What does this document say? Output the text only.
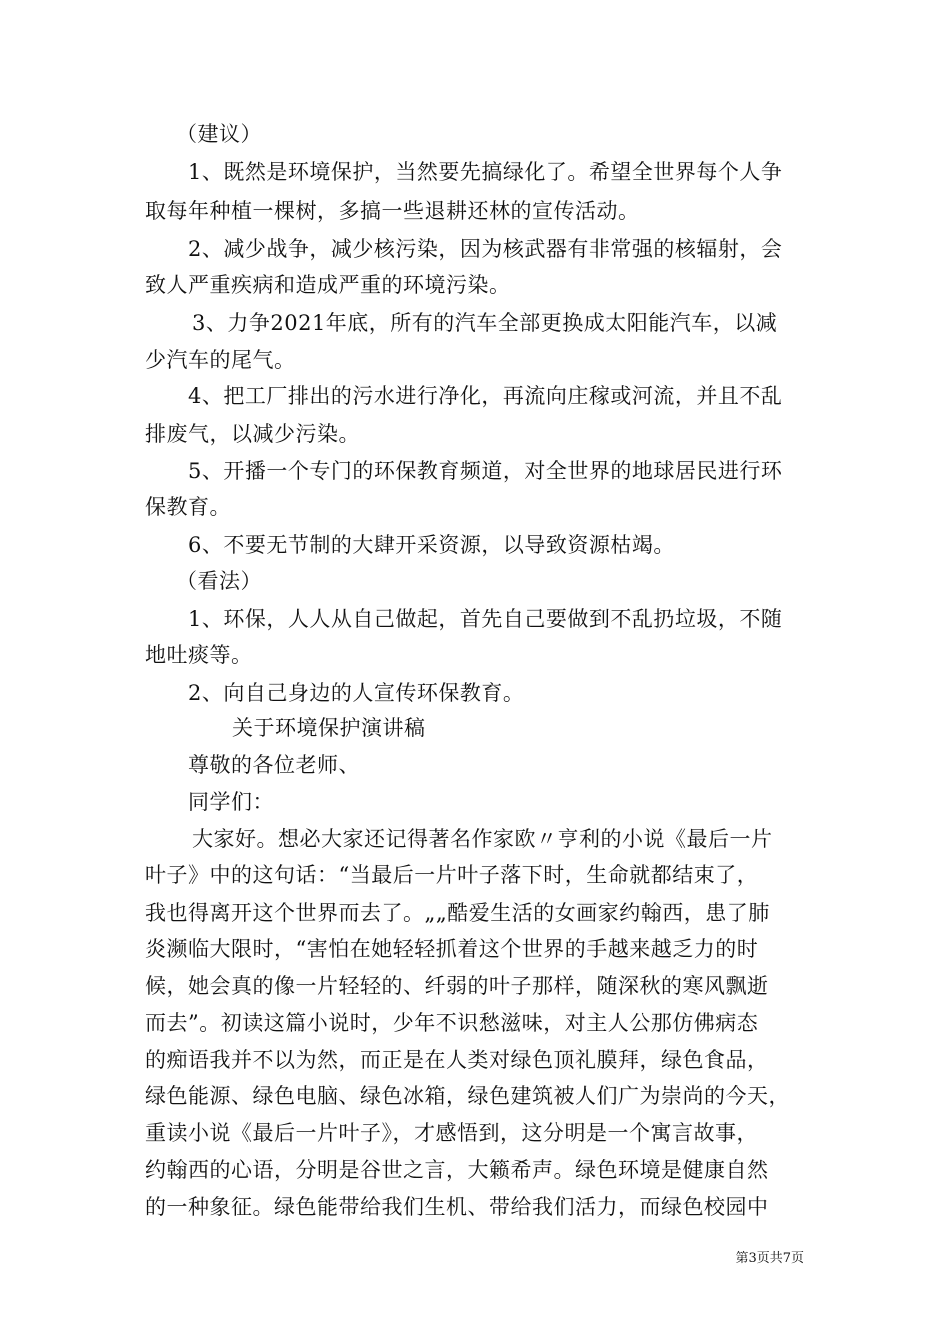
（建议）
1、既然是环境保护，当然要先搞绿化了。希望全世界每个人争
取每年种植一棵树，多搞一些退耕还林的宣传活动。
2、减少战争，减少核污染，因为核武器有非常强的核辐射，会
致人严重疾病和造成严重的环境污染。
3、力争2021年底，所有的汽车全部更换成太阳能汽车，以减
少汽车的尾气。
4、把工厂排出的污水进行净化，再流向庄稼或河流，并且不乱
排废气，以减少污染。
5、开播一个专门的环保教育频道，对全世界的地球居民进行环
保教育。
6、不要无节制的大肆开采资源，以导致资源枯竭。
（看法）
1、环保，人人从自己做起，首先自己要做到不乱扔垃圾，不随
地吐痰等。
2、向自己身边的人宣传环保教育。
关于环境保护演讲稿
尊敬的各位老师、
同学们：
大家好。想必大家还记得著名作家欧〃亨利的小说《最后一片
叶子》中的这句话：“当最后一片叶子落下时，生命就都结束了，
我也得离开这个世界而去了。„„酷爱生活的女画家约翰西，患了肺
炎濒临大限时，“害怕在她轻轻抓着这个世界的手越来越乏力的时
候，她会真的像一片轻轻的、纤弱的叶子那样，随深秋的寒风飘逝
而去”。初读这篇小说时，少年不识愁滋味，对主人公那仿佛病态
的痴语我并不以为然，而正是在人类对绿色顶礼膜拜，绿色食品，
绿色能源、绿色电脑、绿色冰箱，绿色建筑被人们广为崇尚的今天，
重读小说《最后一片叶子》，才感悟到，这分明是一个寓言故事，
约翰西的心语，分明是谷世之言，大籁希声。绿色环境是健康自然
的一种象征。绿色能带给我们生机、带给我们活力，而绿色校园中
第3页共7页
